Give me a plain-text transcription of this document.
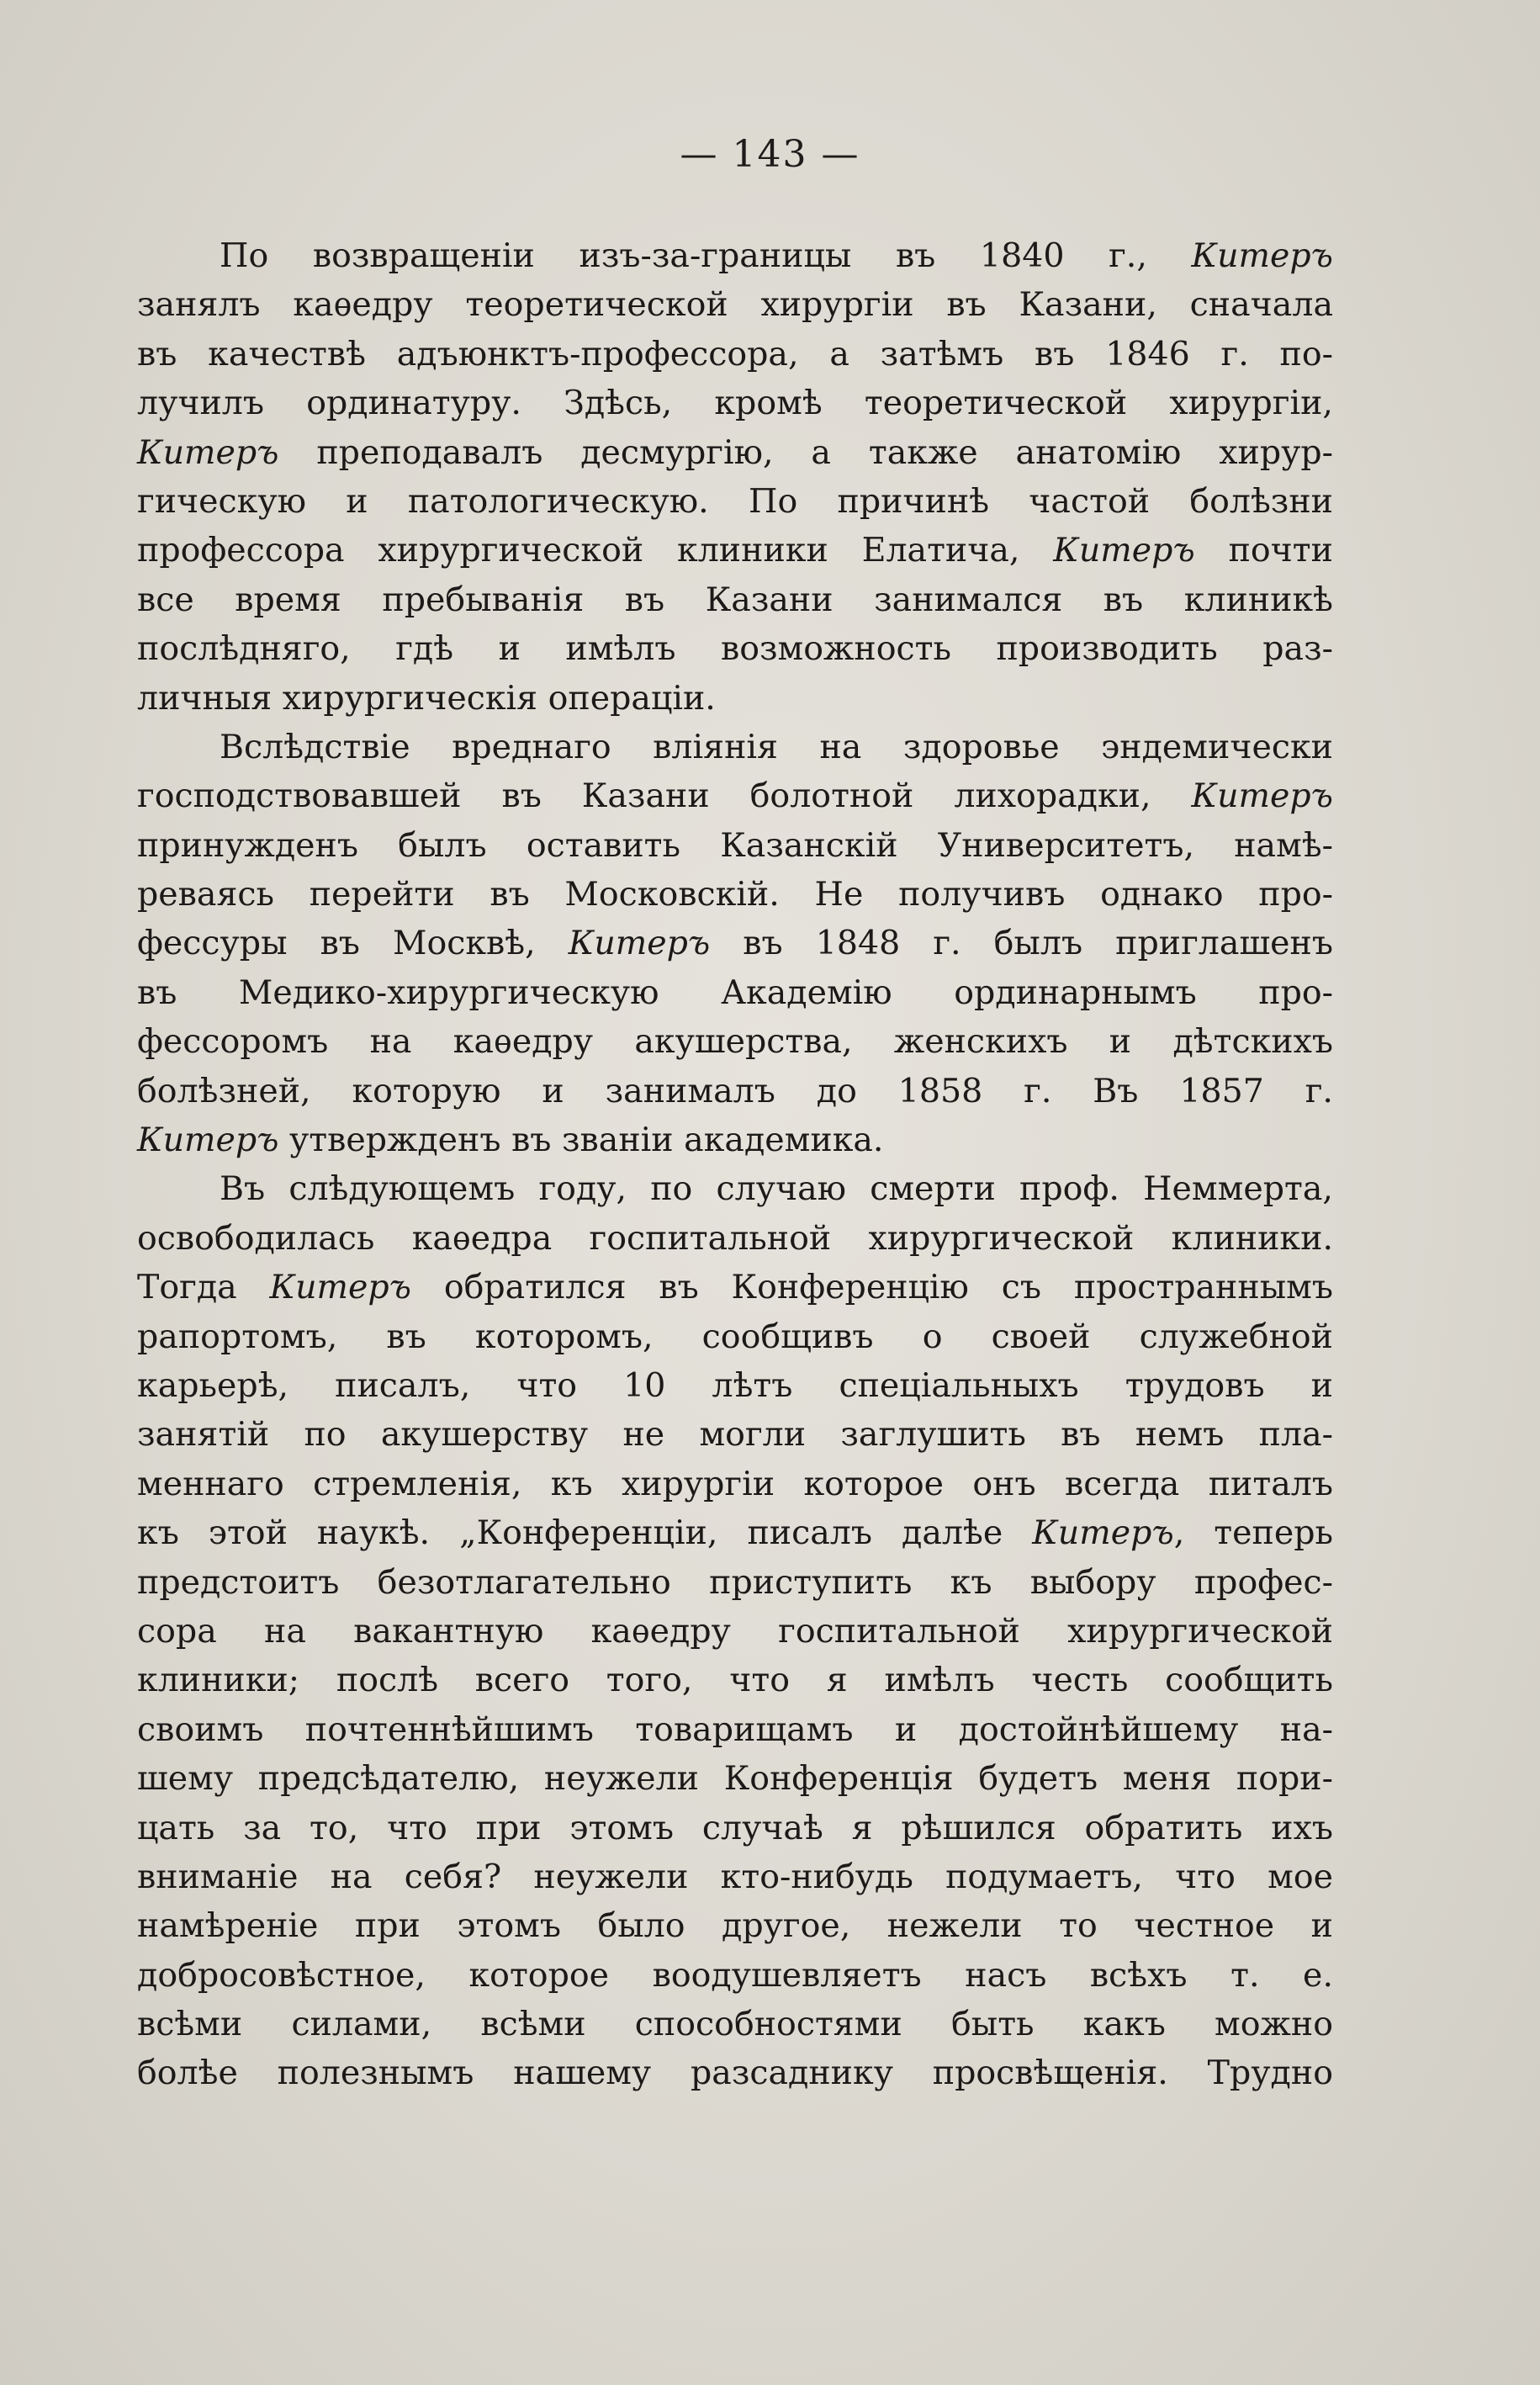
— 143 —
По возвращенiи изъ-за-границы въ 1840 г., Китеръ
занялъ каѳедру теоретической хирургiи въ Казани, сначала
въ качествѣ адъюнктъ-профессора, а затѣмъ въ 1846 г. по-
лучилъ ординатуру. Здѣсь, кромѣ теоретической хирургiи,
Китеръ преподавалъ десмургiю, а также анатомiю хирур-
гическую и патологическую. По причинѣ частой болѣзни
профессора хирургической клиники Елатича, Китеръ почти
все время пребыванiя въ Казани занимался въ клиникѣ
послѣдняго, гдѣ и имѣлъ возможность производить раз-
личныя хирургическiя операцiи.
Вслѣдствiе вреднаго влiянiя на здоровье эндемически
господствовавшей въ Казани болотной лихорадки, Китеръ
принужденъ былъ оставить Казанскiй Университетъ, намѣ-
реваясь перейти въ Московскiй. Не получивъ однако про-
фессуры въ Москвѣ, Китеръ въ 1848 г. былъ приглашенъ
въ Медико-хирургическую Академiю ординарнымъ про-
фессоромъ на каѳедру акушерства, женскихъ и дѣтскихъ
болѣзней, которую и занималъ до 1858 г. Въ 1857 г.
Китеръ утвержденъ въ званiи академика.
Въ слѣдующемъ году, по случаю смерти проф. Неммерта,
освободилась каѳедра госпитальной хирургической клиники.
Тогда Китеръ обратился въ Конференцiю съ пространнымъ
рапортомъ, въ которомъ, сообщивъ о своей служебной
карьерѣ, писалъ, что 10 лѣтъ спецiальныхъ трудовъ и
занятiй по акушерству не могли заглушить въ немъ пла-
меннаго стремленiя, къ хирургiи которое онъ всегда питалъ
къ этой наукѣ. „Конференцiи, писалъ далѣе Китеръ, теперь
предстоитъ безотлагательно приступить къ выбору профес-
сора на вакантную каѳедру госпитальной хирургической
клиники; послѣ всего того, что я имѣлъ честь сообщить
своимъ почтеннѣйшимъ товарищамъ и достойнѣйшему на-
шему предсѣдателю, неужели Конференцiя будетъ меня пори-
цать за то, что при этомъ случаѣ я рѣшился обратить ихъ
вниманiе на себя? неужели кто-нибудь подумаетъ, что мое
намѣренiе при этомъ было другое, нежели то честное и
добросовѣстное, которое воодушевляетъ насъ всѣхъ т. е.
всѣми силами, всѣми способностями быть какъ можно
болѣе полезнымъ нашему разсаднику просвѣщенiя. Трудно
